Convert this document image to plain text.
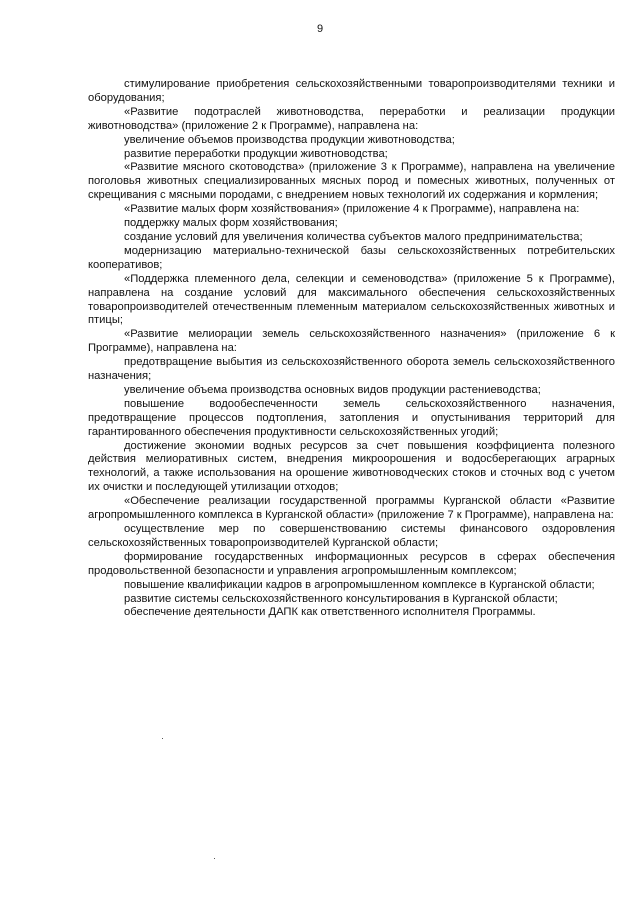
9

стимулирование приобретения сельскохозяйственными товаропроизводителями техники и оборудования;

«Развитие подотраслей животноводства, переработки и реализации продукции животноводства» (приложение 2 к Программе), направлена на:

увеличение объемов производства продукции животноводства;

развитие переработки продукции животноводства;

«Развитие мясного скотоводства» (приложение 3 к Программе), направлена на увеличение поголовья животных специализированных мясных пород и помесных животных, полученных от скрещивания с мясными породами, с внедрением новых технологий их содержания и кормления;

«Развитие малых форм хозяйствования» (приложение 4 к Программе), направлена на:

поддержку малых форм хозяйствования;

создание условий для увеличения количества субъектов малого предпринимательства;

модернизацию материально-технической базы сельскохозяйственных потребительских кооперативов;

«Поддержка племенного дела, селекции и семеноводства» (приложение 5 к Программе), направлена на создание условий для максимального обеспечения сельскохозяйственных товаропроизводителей отечественным племенным материалом сельскохозяйственных животных и птицы;

«Развитие мелиорации земель сельскохозяйственного назначения» (приложение 6 к Программе), направлена на:

предотвращение выбытия из сельскохозяйственного оборота земель сельскохозяйственного назначения;

увеличение объема производства основных видов продукции растениеводства;

повышение водообеспеченности земель сельскохозяйственного назначения, предотвращение процессов подтопления, затопления и опустынивания территорий для гарантированного обеспечения продуктивности сельскохозяйственных угодий;

достижение экономии водных ресурсов за счет повышения коэффициента полезного действия мелиоративных систем, внедрения микроорошения и водосберегающих аграрных технологий, а также использования на орошение животноводческих стоков и сточных вод с учетом их очистки и последующей утилизации отходов;

«Обеспечение реализации государственной программы Курганской области «Развитие агропромышленного комплекса в Курганской области» (приложение 7 к Программе), направлена на:

осуществление мер по совершенствованию системы финансового оздоровления сельскохозяйственных товаропроизводителей Курганской области;

формирование государственных информационных ресурсов в сферах обеспечения продовольственной безопасности и управления агропромышленным комплексом;

повышение квалификации кадров в агропромышленном комплексе в Курганской области;

развитие системы сельскохозяйственного консультирования в Курганской области;

обеспечение деятельности ДАПК как ответственного исполнителя Программы.
